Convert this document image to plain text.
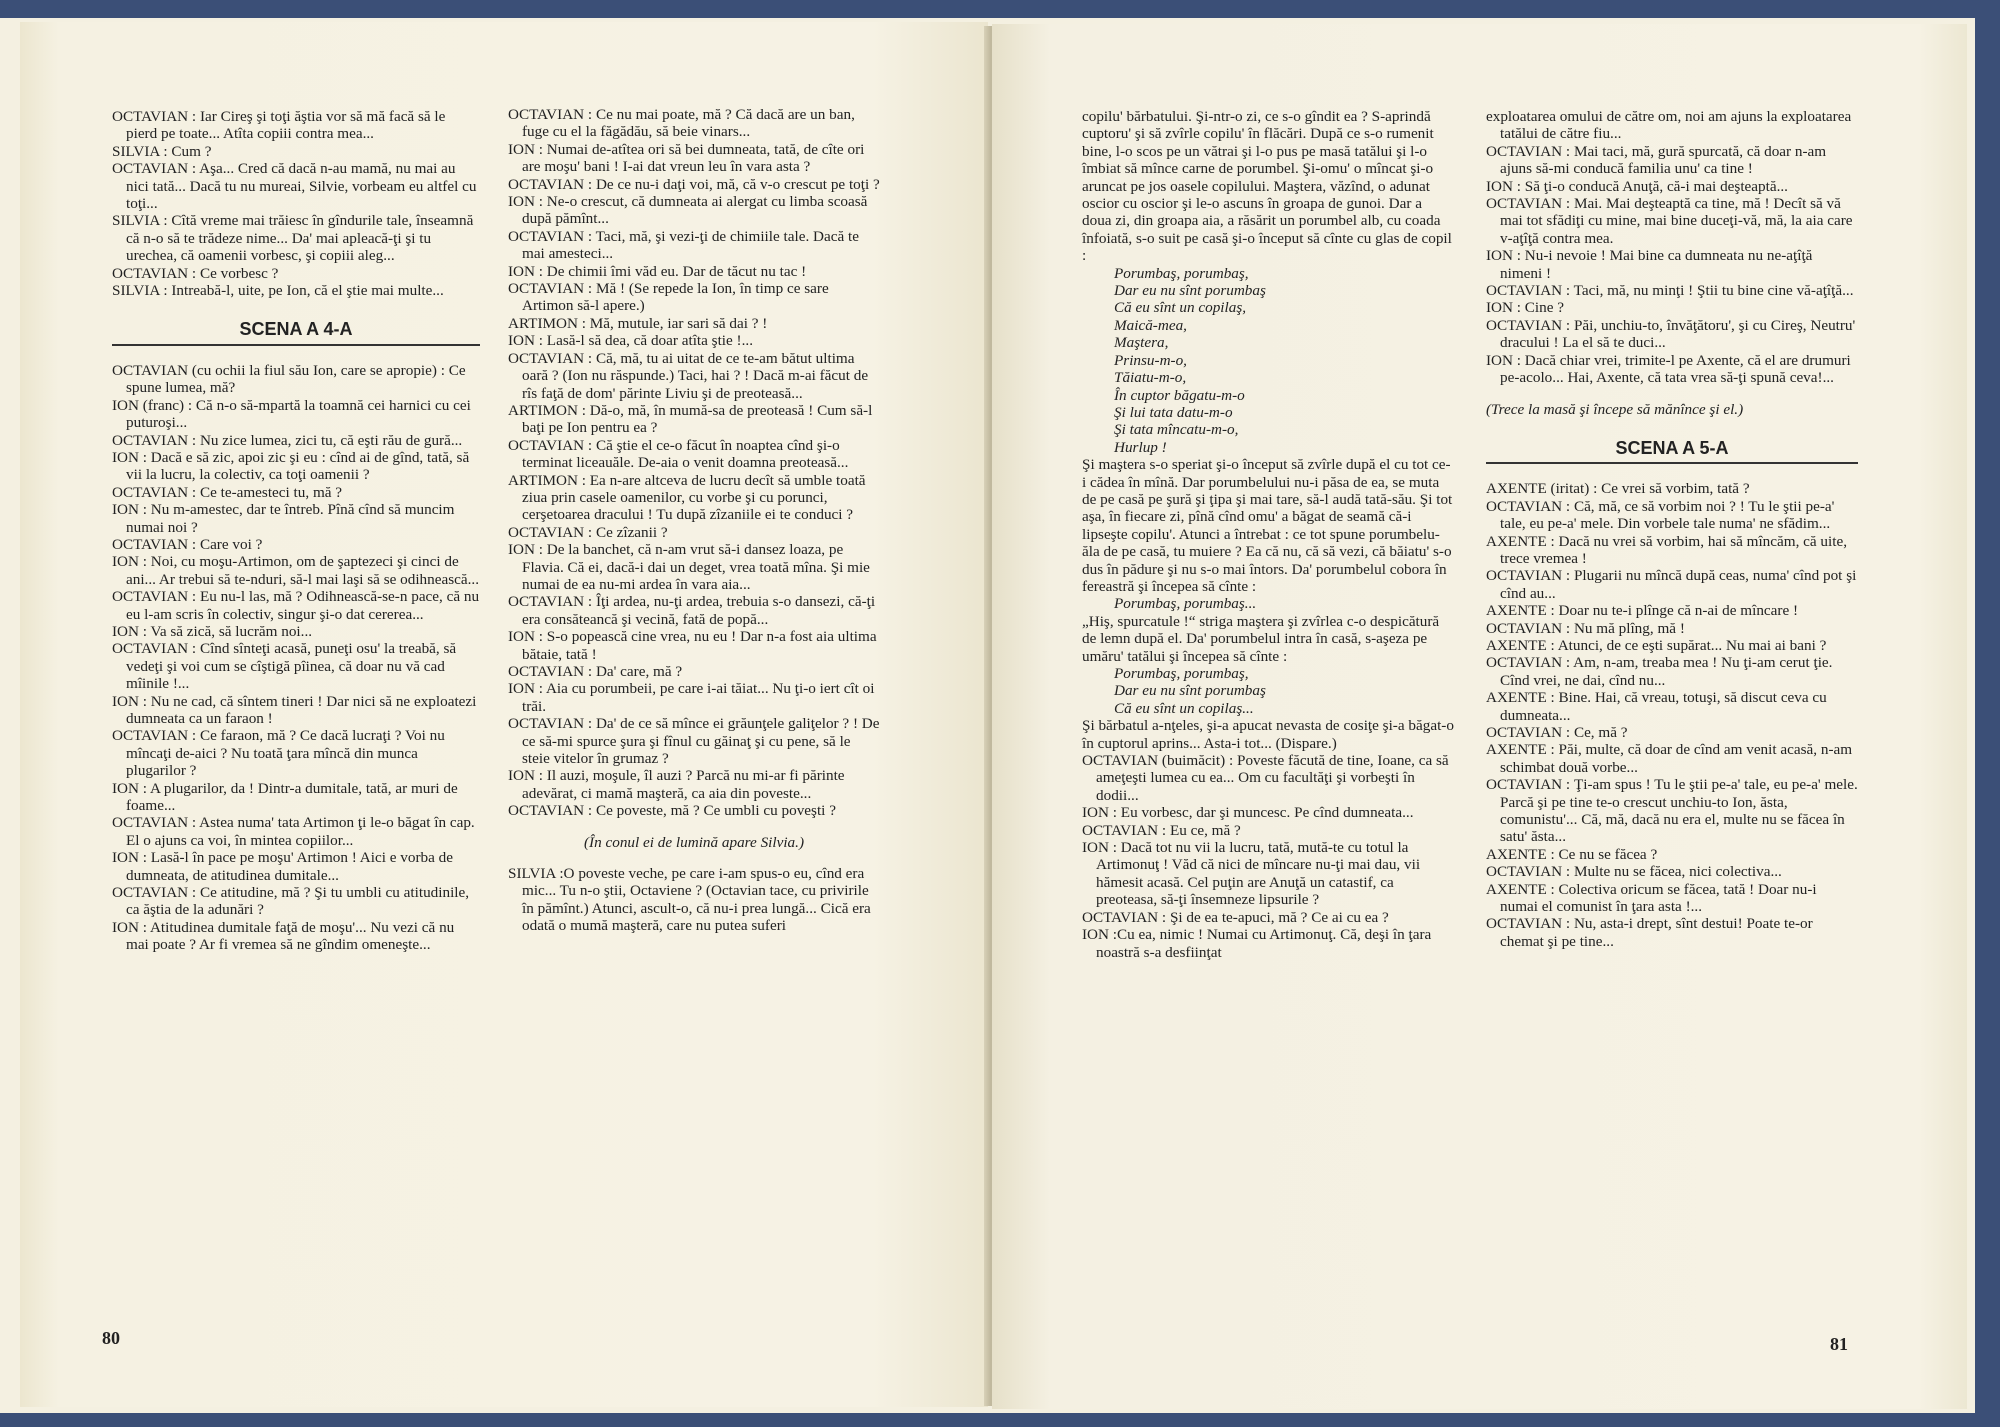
OCTAVIAN : Iar Cireş şi toţi ăştia vor să mă facă să le pierd pe toate... Atîta copiii contra mea...

SILVIA : Cum ?

OCTAVIAN : Aşa... Cred că dacă n-au mamă, nu mai au nici tată... Dacă tu nu mureai, Silvie, vorbeam eu altfel cu toţi...

SILVIA : Cîtă vreme mai trăiesc în gîndurile tale, înseamnă că n-o să te trădeze nime... Da' mai apleacă-ţi şi tu urechea, că oamenii vorbesc, şi copiii aleg...

OCTAVIAN : Ce vorbesc ?

SILVIA : Intreabă-l, uite, pe Ion, că el ştie mai multe...

SCENA A 4-A

OCTAVIAN (cu ochii la fiul său Ion, care se apropie) : Ce spune lumea, mă?

ION (franc) : Că n-o să-mpartă la toamnă cei harnici cu cei puturoşi...

OCTAVIAN : Nu zice lumea, zici tu, că eşti rău de gură...

ION : Dacă e să zic, apoi zic şi eu : cînd ai de gînd, tată, să vii la lucru, la colectiv, ca toţi oamenii ?

OCTAVIAN : Ce te-amesteci tu, mă ?

ION : Nu m-amestec, dar te întreb. Pînă cînd să muncim numai noi ?

OCTAVIAN : Care voi ?

ION : Noi, cu moşu-Artimon, om de şaptezeci şi cinci de ani... Ar trebui să te-nduri, să-l mai laşi să se odihnească...

OCTAVIAN : Eu nu-l las, mă ? Odihnească-se-n pace, că nu eu l-am scris în colectiv, singur şi-o dat cererea...

ION : Va să zică, să lucrăm noi...

OCTAVIAN : Cînd sînteţi acasă, puneţi osu' la treabă, să vedeţi şi voi cum se cîştigă pîinea, că doar nu vă cad mîinile !...

ION : Nu ne cad, că sîntem tineri ! Dar nici să ne exploatezi dumneata ca un faraon !

OCTAVIAN : Ce faraon, mă ? Ce dacă lucraţi ? Voi nu mîncaţi de-aici ? Nu toată ţara mîncă din munca plugarilor ?

ION : A plugarilor, da ! Dintr-a dumitale, tată, ar muri de foame...

OCTAVIAN : Astea numa' tata Artimon ţi le-o băgat în cap. El o ajuns ca voi, în mintea copiilor...

ION : Lasă-l în pace pe moşu' Artimon ! Aici e vorba de dumneata, de atitudinea dumitale...

OCTAVIAN : Ce atitudine, mă ? Şi tu umbli cu atitudinile, ca ăştia de la adunări ?

ION : Atitudinea dumitale faţă de moşu'... Nu vezi că nu mai poate ? Ar fi vremea să ne gîndim omeneşte...

OCTAVIAN : Ce nu mai poate, mă ? Că dacă are un ban, fuge cu el la făgădău, să beie vinars...

ION : Numai de-atîtea ori să bei dumneata, tată, de cîte ori are moşu' bani ! I-ai dat vreun leu în vara asta ?

OCTAVIAN : De ce nu-i daţi voi, mă, că v-o crescut pe toţi ?

ION : Ne-o crescut, că dumneata ai alergat cu limba scoasă după pămînt...

OCTAVIAN : Taci, mă, şi vezi-ţi de chimiile tale. Dacă te mai amesteci...

ION : De chimii îmi văd eu. Dar de tăcut nu tac !

OCTAVIAN : Mă ! (Se repede la Ion, în timp ce sare Artimon să-l apere.)

ARTIMON : Mă, mutule, iar sari să dai ? !

ION : Lasă-l să dea, că doar atîta ştie !...

OCTAVIAN : Că, mă, tu ai uitat de ce te-am bătut ultima oară ? (Ion nu răspunde.) Taci, hai ? ! Dacă m-ai făcut de rîs faţă de dom' părinte Liviu şi de preoteasă...

ARTIMON : Dă-o, mă, în mumă-sa de preoteasă ! Cum să-l baţi pe Ion pentru ea ?

OCTAVIAN : Că ştie el ce-o făcut în noaptea cînd şi-o terminat liceauăle. De-aia o venit doamna preoteasă...

ARTIMON : Ea n-are altceva de lucru decît să umble toată ziua prin casele oamenilor, cu vorbe şi cu porunci, cerşetoarea dracului ! Tu după zîzaniile ei te conduci ?

OCTAVIAN : Ce zîzanii ?

ION : De la banchet, că n-am vrut să-i dansez loaza, pe Flavia. Că ei, dacă-i dai un deget, vrea toată mîna. Şi mie numai de ea nu-mi ardea în vara aia...

OCTAVIAN : Îţi ardea, nu-ţi ardea, trebuia s-o dansezi, că-ţi era consăteancă şi vecină, fată de popă...

ION : S-o popească cine vrea, nu eu ! Dar n-a fost aia ultima bătaie, tată !

OCTAVIAN : Da' care, mă ?

ION : Aia cu porumbeii, pe care i-ai tăiat... Nu ţi-o iert cît oi trăi.

OCTAVIAN : Da' de ce să mînce ei grăunţele galiţelor ? ! De ce să-mi spurce şura şi fînul cu găinaţ şi cu pene, să le steie vitelor în grumaz ?

ION : Il auzi, moşule, îl auzi ? Parcă nu mi-ar fi părinte adevărat, ci mamă maşteră, ca aia din poveste...

OCTAVIAN : Ce poveste, mă ? Ce umbli cu poveşti ?

(În conul ei de lumină apare Silvia.)

SILVIA :O poveste veche, pe care i-am spus-o eu, cînd era mic... Tu n-o ştii, Octaviene ? (Octavian tace, cu privirile în pămînt.) Atunci, ascult-o, că nu-i prea lungă... Cică era odată o mumă maşteră, care nu putea suferi

copilu' bărbatului. Şi-ntr-o zi, ce s-o gîndit ea ? S-aprindă cuptoru' şi să zvîrle copilu' în flăcări. După ce s-o rumenit bine, l-o scos pe un vătrai şi l-o pus pe masă tatălui şi l-o îmbiat să mînce carne de porumbel. Şi-omu' o mîncat şi-o aruncat pe jos oasele copilului. Maştera, văzînd, o adunat oscior cu oscior şi le-o ascuns în groapa de gunoi. Dar a doua zi, din groapa aia, a răsărit un porumbel alb, cu coada înfoiată, s-o suit pe casă şi-o început să cînte cu glas de copil :

Porumbaş, porumbaş,

Dar eu nu sînt porumbaş

Că eu sînt un copilaş,

Maică-mea,

Maştera,

Prinsu-m-o,

Tăiatu-m-o,

În cuptor băgatu-m-o

Şi lui tata datu-m-o

Şi tata mîncatu-m-o,

Hurlup !

Şi maştera s-o speriat şi-o început să zvîrle după el cu tot ce-i cădea în mînă. Dar porumbelului nu-i păsa de ea, se muta de pe casă pe şură şi ţipa şi mai tare, să-l audă tată-său. Şi tot aşa, în fiecare zi, pînă cînd omu' a băgat de seamă că-i lipseşte copilu'. Atunci a întrebat : ce tot spune porumbelu-ăla de pe casă, tu muiere ? Ea că nu, că să vezi, că băiatu' s-o dus în pădure şi nu s-o mai întors. Da' porumbelul cobora în fereastră şi începea să cînte :

Porumbaş, porumbaş...

„Hiş, spurcatule !“ striga maştera şi zvîrlea c-o despicătură de lemn după el. Da' porumbelul intra în casă, s-aşeza pe umăru' tatălui şi începea să cînte :

Porumbaş, porumbaş,

Dar eu nu sînt porumbaş

Că eu sînt un copilaş...

Şi bărbatul a-nţeles, şi-a apucat nevasta de cosiţe şi-a băgat-o în cuptorul aprins... Asta-i tot... (Dispare.)

OCTAVIAN (buimăcit) : Poveste făcută de tine, Ioane, ca să ameţeşti lumea cu ea... Om cu facultăţi şi vorbeşti în dodii...

ION : Eu vorbesc, dar şi muncesc. Pe cînd dumneata...

OCTAVIAN : Eu ce, mă ?

ION : Dacă tot nu vii la lucru, tată, mută-te cu totul la Artimonuţ ! Văd că nici de mîncare nu-ţi mai dau, vii hămesit acasă. Cel puţin are Anuţă un catastif, ca preoteasa, să-ţi însemneze lipsurile ?

OCTAVIAN : Şi de ea te-apuci, mă ? Ce ai cu ea ?

ION :Cu ea, nimic ! Numai cu Artimonuţ. Că, deşi în ţara noastră s-a desfiinţat

exploatarea omului de către om, noi am ajuns la exploatarea tatălui de către fiu...

OCTAVIAN : Mai taci, mă, gură spurcată, că doar n-am ajuns să-mi conducă familia unu' ca tine !

ION : Să ţi-o conducă Anuţă, că-i mai deşteaptă...

OCTAVIAN : Mai. Mai deşteaptă ca tine, mă ! Decît să vă mai tot sfădiţi cu mine, mai bine duceţi-vă, mă, la aia care v-aţîţă contra mea.

ION : Nu-i nevoie ! Mai bine ca dumneata nu ne-aţîţă nimeni !

OCTAVIAN : Taci, mă, nu minţi ! Ştii tu bine cine vă-aţîţă...

ION : Cine ?

OCTAVIAN : Păi, unchiu-to, învăţătoru', şi cu Cireş, Neutru' dracului ! La el să te duci...

ION : Dacă chiar vrei, trimite-l pe Axente, că el are drumuri pe-acolo... Hai, Axente, că tata vrea să-ţi spună ceva!...

(Trece la masă şi începe să mănînce şi el.)

SCENA A 5-A

AXENTE (iritat) : Ce vrei să vorbim, tată ?

OCTAVIAN : Că, mă, ce să vorbim noi ? ! Tu le ştii pe-a' tale, eu pe-a' mele. Din vorbele tale numa' ne sfădim...

AXENTE : Dacă nu vrei să vorbim, hai să mîncăm, că uite, trece vremea !

OCTAVIAN : Plugarii nu mîncă după ceas, numa' cînd pot şi cînd au...

AXENTE : Doar nu te-i plînge că n-ai de mîncare !

OCTAVIAN : Nu mă plîng, mă !

AXENTE : Atunci, de ce eşti supărat... Nu mai ai bani ?

OCTAVIAN : Am, n-am, treaba mea ! Nu ţi-am cerut ţie. Cînd vrei, ne dai, cînd nu...

AXENTE : Bine. Hai, că vreau, totuşi, să discut ceva cu dumneata...

OCTAVIAN : Ce, mă ?

AXENTE : Păi, multe, că doar de cînd am venit acasă, n-am schimbat două vorbe...

OCTAVIAN : Ţi-am spus ! Tu le ştii pe-a' tale, eu pe-a' mele. Parcă şi pe tine te-o crescut unchiu-to Ion, ăsta, comunistu'... Că, mă, dacă nu era el, multe nu se făcea în satu' ăsta...

AXENTE : Ce nu se făcea ?

OCTAVIAN : Multe nu se făcea, nici colectiva...

AXENTE : Colectiva oricum se făcea, tată ! Doar nu-i numai el comunist în ţara asta !...

OCTAVIAN : Nu, asta-i drept, sînt destui! Poate te-or chemat şi pe tine...

80	81
